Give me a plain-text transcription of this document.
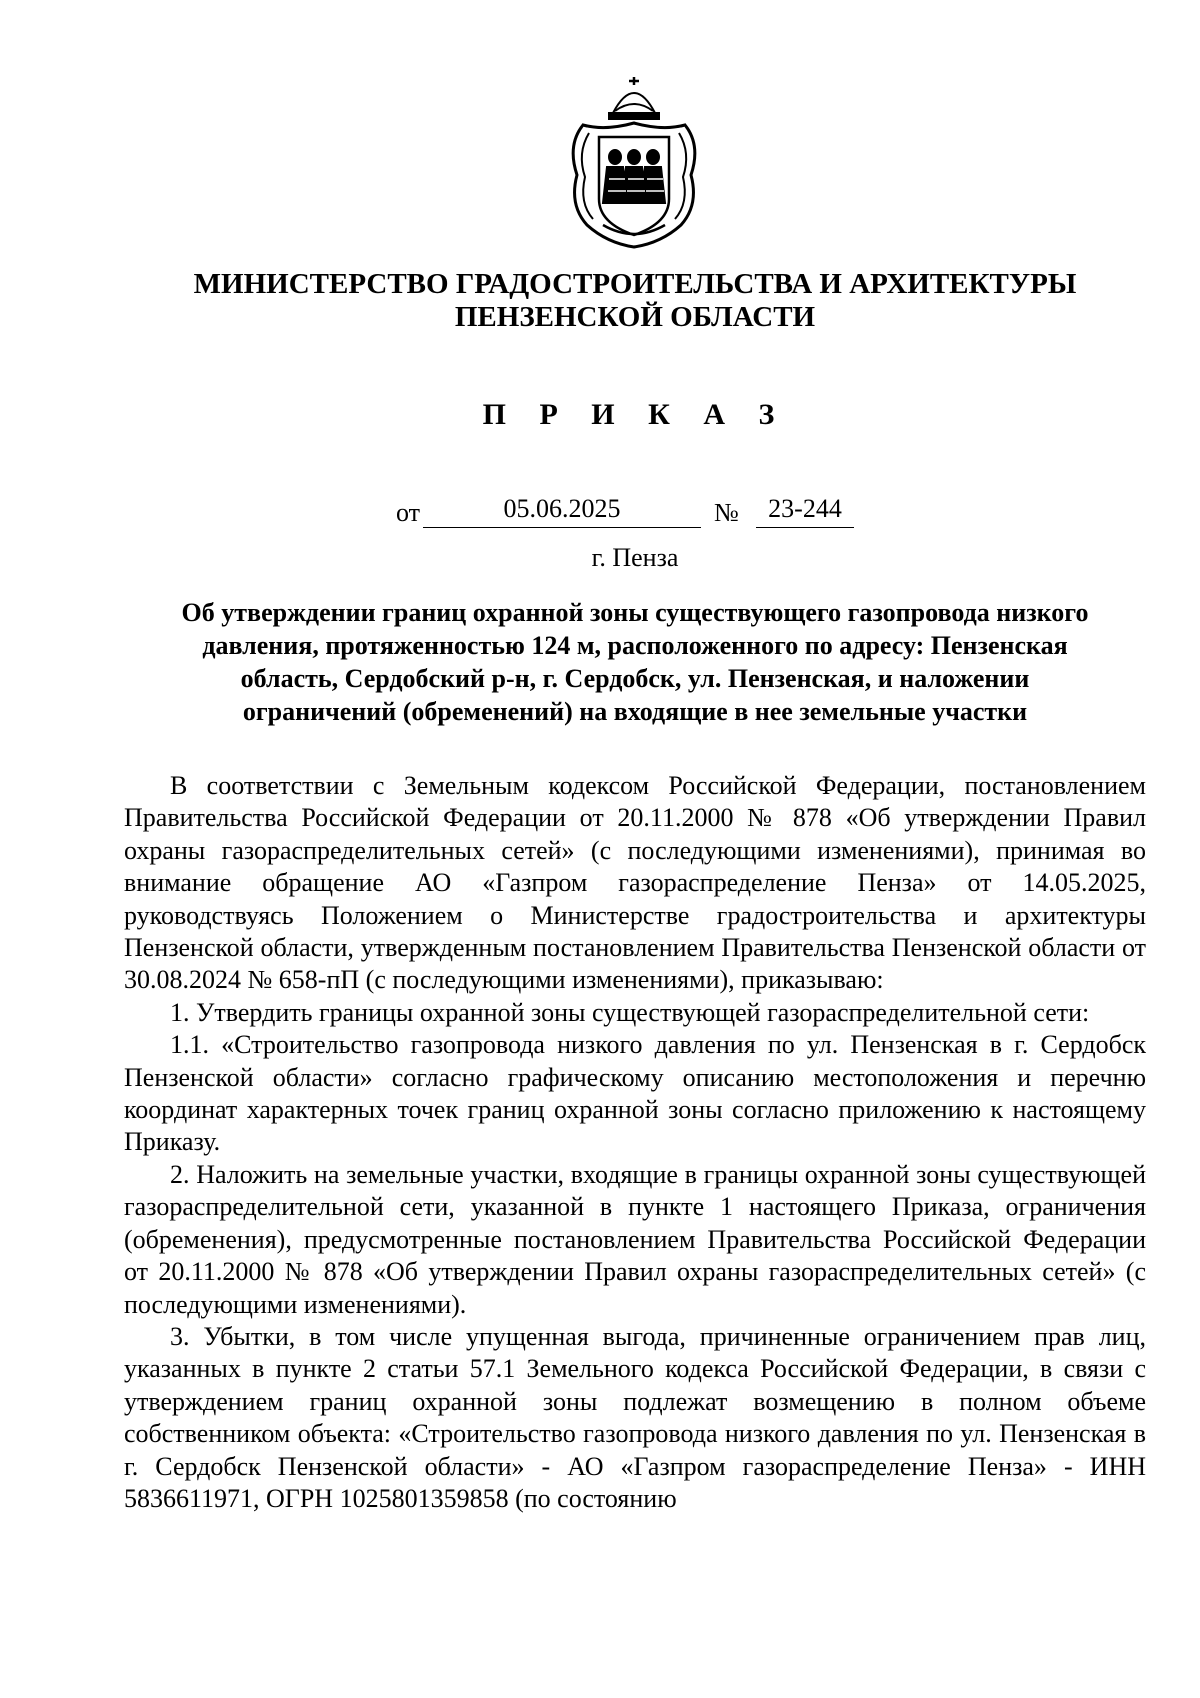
МИНИСТЕРСТВО ГРАДОСТРОИТЕЛЬСТВА И АРХИТЕКТУРЫ
ПЕНЗЕНСКОЙ ОБЛАСТИ
П Р И К А З
от	05.06.2025	№	23-244
г. Пенза
Об утверждении границ охранной зоны существующего газопровода низкого
давления, протяженностью 124 м, расположенного по адресу: Пензенская
область, Сердобский р-н, г. Сердобск, ул. Пензенская, и наложении
ограничений (обременений) на входящие в нее земельные участки

В соответствии с Земельным кодексом Российской Федерации, постановлением Правительства Российской Федерации от 20.11.2000 № 878 «Об утверждении Правил охраны газораспределительных сетей» (с последующими изменениями), принимая во внимание обращение АО «Газпром газораспределение Пенза» от 14.05.2025, руководствуясь Положением о Министерстве градостроительства и архитектуры Пензенской области, утвержденным постановлением Правительства Пензенской области от 30.08.2024 № 658-пП (с последующими изменениями), приказываю:

1. Утвердить границы охранной зоны существующей газораспределительной сети:

1.1. «Строительство газопровода низкого давления по ул. Пензенская в г. Сердобск Пензенской области» согласно графическому описанию местоположения и перечню координат характерных точек границ охранной зоны согласно приложению к настоящему Приказу.

2. Наложить на земельные участки, входящие в границы охранной зоны существующей газораспределительной сети, указанной в пункте 1 настоящего Приказа, ограничения (обременения), предусмотренные постановлением Правительства Российской Федерации от 20.11.2000 № 878 «Об утверждении Правил охраны газораспределительных сетей» (с последующими изменениями).

3. Убытки, в том числе упущенная выгода, причиненные ограничением прав лиц, указанных в пункте 2 статьи 57.1 Земельного кодекса Российской Федерации, в связи с утверждением границ охранной зоны подлежат возмещению в полном объеме собственником объекта: «Строительство газопровода низкого давления по ул. Пензенская в г. Сердобск Пензенской области» - АО «Газпром газораспределение Пенза» - ИНН 5836611971, ОГРН 1025801359858 (по состоянию
